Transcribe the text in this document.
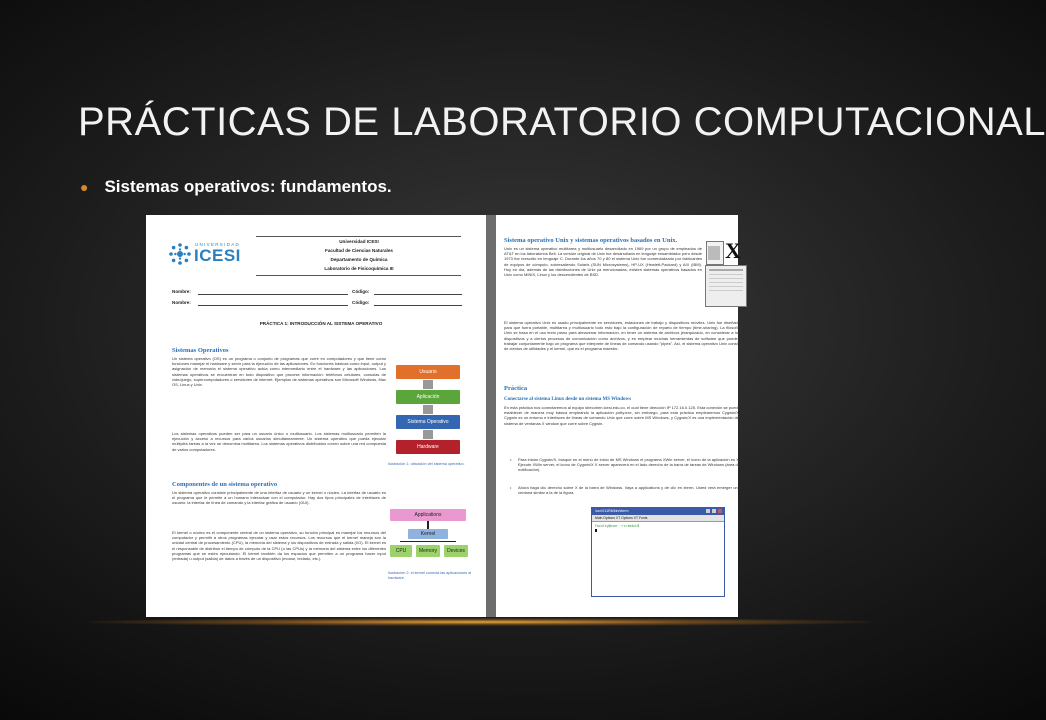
PRÁCTICAS DE LABORATORIO COMPUTACIONAL
● Sistemas operativos: fundamentos.
UNIVERSIDAD
ICESI
Universidad ICESI
Facultad de Ciencias Naturales
Departamento de Química
Laboratorio de Fisicoquímica III
Nombre:	Código:
Nombre:	Código:
PRÁCTICA 1: INTRODUCCIÓN AL SISTEMA OPERATIVO
Sistemas Operativos
Un sistema operativo (OS) es un programa o conjunto de programas que corre en computadores y que tiene como funciones manejar el hardware y servir para la ejecución de las aplicaciones. En funciones básicas como input, output y asignación de memoria el sistema operativo actúa como intermediario entre el hardware y las aplicaciones. Los sistemas operativos se encuentran en todo dispositivo que procese información: teléfonos celulares, consolas de videojuego, supercomputadores o servidores de internet. Ejemplos de sistemas operativos son Microsoft Windows, Mac OS, Linux y Unix.
Los sistemas operativos pueden ser para un usuario único o multiusuario. Los sistemas multiusuario permiten la ejecución y acceso a recursos para varios usuarios simultáneamente. Un sistema operativo que pueda ejecutar múltiples tareas a la vez se denomina multitarea. Los sistemas operativos distribuidos corren sobre una red compuesta de varios computadores.
Usuario
Aplicación
Sistema Operativo
Hardware
Ilustración 1: ubicación del sistema operativo.
Componentes de un sistema operativo
Un sistema operativo consiste principalmente de una interfaz de usuario y un kernel o núcleo. La interfaz de usuario es el programa que le permite a un humano interactuar con el computador. Hay dos tipos principales de interfaces de usuario: la interfaz de línea de comando y la interfaz gráfica de usuario (GUI).
El kernel o núcleo es el componente central de un sistema operativo, su función principal es manejar los recursos del computador y permitir a otros programas ejecutar y usar estos recursos. Los recursos que el kernel maneja son la unidad central de procesamiento (CPU), la memoria del sistema y los dispositivos de entrada y salida (I/O). El kernel es el responsable de distribuir el tiempo de cómputo de la CPU (o las CPUs) y la memoria del sistema entre los diferentes programas que se estén ejecutando. El kernel también da los espacios que permiten a un programa hacer input (entrada) u output (salida) de datos a través de un dispositivo (mouse, teclado, etc.).
Applications
Kernel
CPU	Memory	Devices
Ilustración 2: el kernel conecta las aplicaciones al hardware.
Sistema operativo Unix y sistemas operativos basados en Unix.
Unix es un sistema operativo multitarea y multiusuario desarrollado en 1969 por un grupo de empleados de AT&T en los laboratorios Bell. La versión original de Unix fue desarrollada en lenguaje ensamblador pero desde 1973 fue reescrito en lenguaje C. Durante los años 70 y 80 el sistema Unix fue comercializado por fabricantes de equipos de cómputo, sobresaliendo Solaris (SUN Microsystems), HP-UX (Hewlett-Packard) y AIX (IBM). Hoy en día, además de las distribuciones de Unix ya mencionadas, existen sistemas operativos basados en Unix como MINIX, Linux y los descendientes de BSD.
X
El sistema operativo Unix es usado principalmente en servidores, estaciones de trabajo y dispositivos móviles. Unix fue diseñado para que fuera portable, multitarea y multiusuario todo esto bajo la configuración de reparto de tiempo (time-sharing). La filosofía Unix se basa en el uso texto plano para almacenar información, en tener un sistema de archivos jerarquizado, en considerar a los dispositivos y a ciertos procesos de comunicación como archivos, y en emplear muchas herramientas de software que pueden trabajar conjuntamente bajo un programa que interprete de líneas de comando usando "pipes". Así, el sistema operativo Unix consta de cientos de utilidades y el kernel, que es el programa maestro.
Práctica
Conectarse al sistema Linux desde un sistema MS Windows
En esta práctica nos conectaremos al equipo sbecohen.icesi.edu.co, el cual tiene dirección IP 172.16.0.125. Esta conexión se puede establecer de manera muy básica empleando la aplicación putty.exe, sin embargo, para esta práctica emplearemos Cygwin/X. Cygwin es un entorno e interfaces de líneas de comando Unix que corre sobre MS Windows, y Cygwin/X es una implementación del sistema de ventanas X window que corre sobre Cygwin.
• Para iniciar Cygwin/X, busque en el menú de inicio de MS Windows el programa XWin server, el icono de la aplicación es X. Ejecute XWin server, el icono de Cygwin/X X server aparecerá en el lado derecho de la barra de tareas de Windows (área de notificación).
• Ahora haga clic derecho sobre X de la barra de Windows. Vaya a applications y de clic en xterm. Usted verá emerger una ventana similar a la de la figura.
/usr/X11R6/bin/xterm
Main Options VT Options VT Fonts
faculty@user ~/c/sbdct$
